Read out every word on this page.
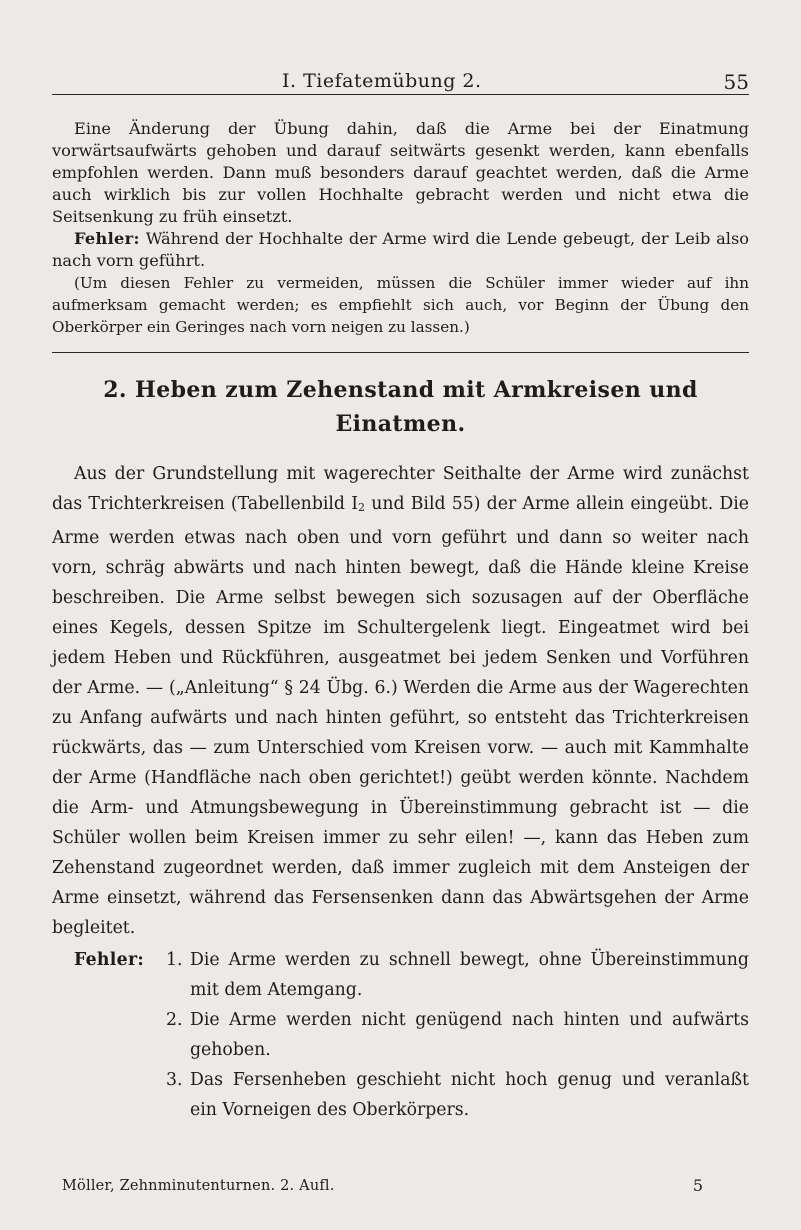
I. Tiefatemübung 2.	55

Eine Änderung der Übung dahin, daß die Arme bei der Einatmung vorwärtsaufwärts gehoben und darauf seitwärts gesenkt werden, kann ebenfalls empfohlen werden. Dann muß besonders darauf geachtet werden, daß die Arme auch wirklich bis zur vollen Hochhalte gebracht werden und nicht etwa die Seitsenkung zu früh einsetzt.

Fehler: Während der Hochhalte der Arme wird die Lende gebeugt, der Leib also nach vorn geführt.

(Um diesen Fehler zu vermeiden, müssen die Schüler immer wieder auf ihn aufmerksam gemacht werden; es empfiehlt sich auch, vor Beginn der Übung den Oberkörper ein Geringes nach vorn neigen zu lassen.)

2. Heben zum Zehenstand mit Armkreisen und Einatmen.

Aus der Grundstellung mit wagerechter Seithalte der Arme wird zunächst das Trichterkreisen (Tabellenbild I2 und Bild 55) der Arme allein eingeübt. Die Arme werden etwas nach oben und vorn geführt und dann so weiter nach vorn, schräg abwärts und nach hinten bewegt, daß die Hände kleine Kreise beschreiben. Die Arme selbst bewegen sich sozusagen auf der Oberfläche eines Kegels, dessen Spitze im Schultergelenk liegt. Eingeatmet wird bei jedem Heben und Rückführen, ausgeatmet bei jedem Senken und Vorführen der Arme. — („Anleitung“ § 24 Übg. 6.) Werden die Arme aus der Wagerechten zu Anfang aufwärts und nach hinten geführt, so entsteht das Trichterkreisen rückwärts, das — zum Unterschied vom Kreisen vorw. — auch mit Kammhalte der Arme (Handfläche nach oben gerichtet!) geübt werden könnte. Nachdem die Arm- und Atmungsbewegung in Übereinstimmung gebracht ist — die Schüler wollen beim Kreisen immer zu sehr eilen! —, kann das Heben zum Zehenstand zugeordnet werden, daß immer zugleich mit dem Ansteigen der Arme einsetzt, während das Fersensenken dann das Abwärtsgehen der Arme begleitet.

Fehler:	1. Die Arme werden zu schnell bewegt, ohne Übereinstimmung mit dem Atemgang.
2. Die Arme werden nicht genügend nach hinten und aufwärts gehoben.
3. Das Fersenheben geschieht nicht hoch genug und veranlaßt ein Vorneigen des Oberkörpers.
Möller, Zehnminutenturnen. 2. Aufl.	5
